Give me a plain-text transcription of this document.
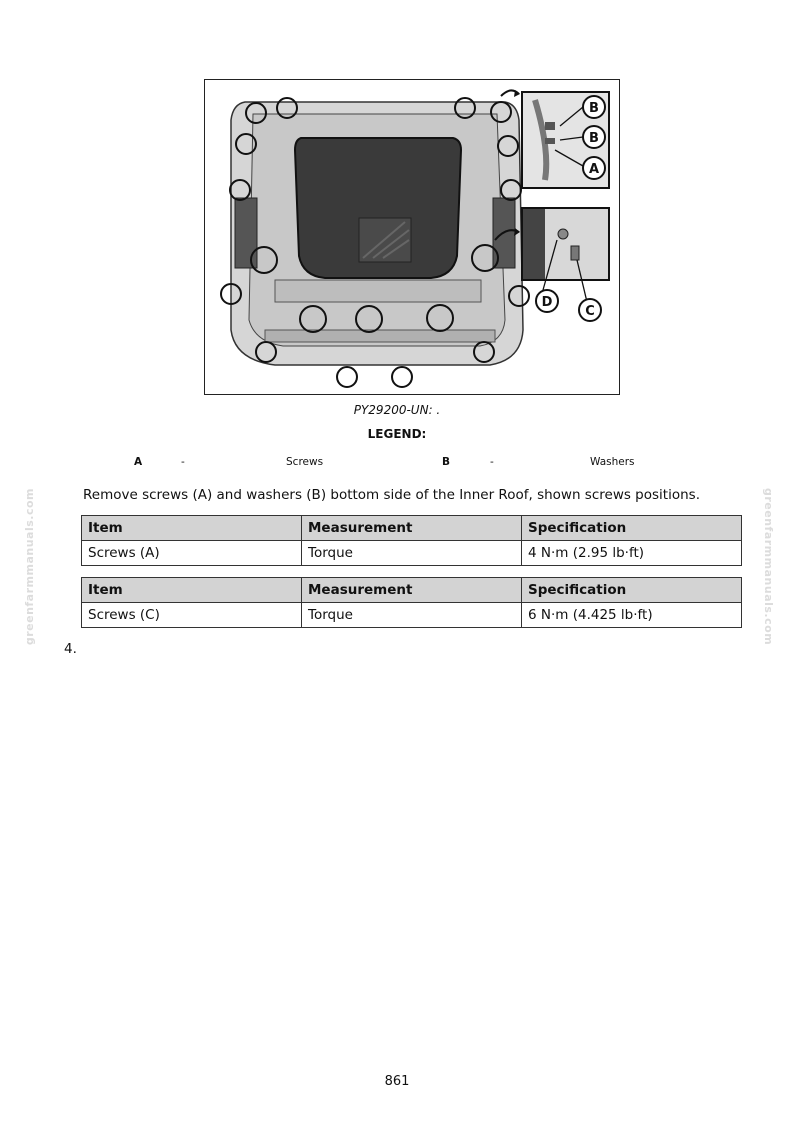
B
B
A
D
C
PY29200-UN: .
LEGEND:
A	-	Screws	B	-	Washers
Remove screws (A) and washers (B) bottom side of the Inner Roof, shown screws positions.
Item	Measurement	Specification
Screws (A)	Torque	4 N·m (2.95 lb·ft)
Item	Measurement	Specification
Screws (C)	Torque	6 N·m (4.425 lb·ft)
4.
greenfarmmanuals.com	greenfarmmanuals.com
861
